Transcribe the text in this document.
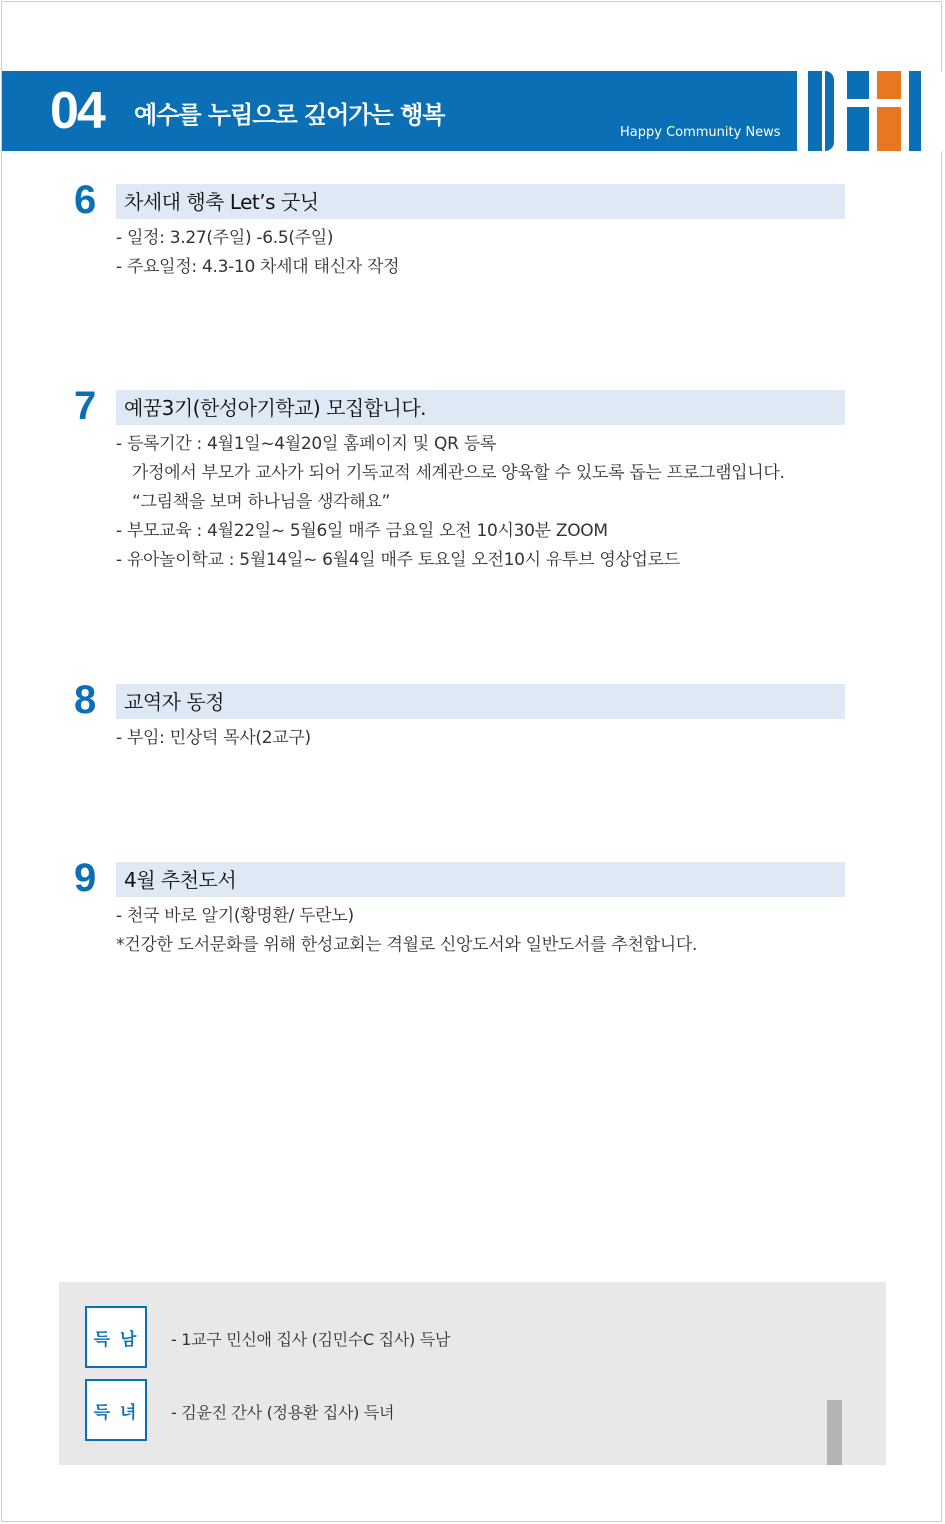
04 예수를 누림으로 깊어가는 행복
Happy Community News
6 차세대 행축 Let’s 굿닛
- 일정: 3.27(주일) -6.5(주일)
- 주요일정: 4.3-10 차세대 태신자 작정
7 예꿈3기(한성아기학교) 모집합니다.
- 등록기간 : 4월1일~4월20일 홈페이지 및 QR 등록
가정에서 부모가 교사가 되어 기독교적 세계관으로 양육할 수 있도록 돕는 프로그램입니다.
“그림책을 보며 하나님을 생각해요”
- 부모교육 : 4월22일~ 5월6일 매주 금요일 오전 10시30분 ZOOM
- 유아놀이학교 : 5월14일~ 6월4일 매주 토요일 오전10시 유투브 영상업로드
8 교역자 동정
- 부임: 민상덕 목사(2교구)
9 4월 추천도서
- 천국 바로 알기(황명환/ 두란노)
*건강한 도서문화를 위해 한성교회는 격월로 신앙도서와 일반도서를 추천합니다.
득 남	- 1교구 민신애 집사 (김민수C 집사) 득남
득 녀	- 김윤진 간사 (정용환 집사) 득녀
